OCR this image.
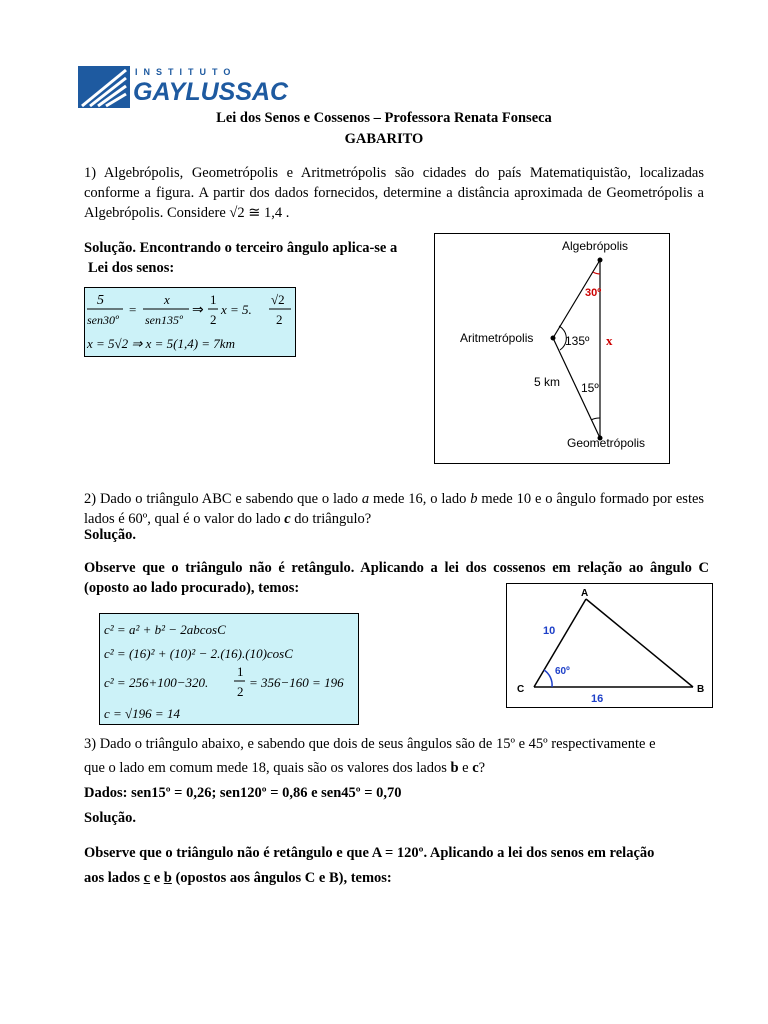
INSTITUTO
GAYLUSSAC
Lei dos Senos e Cossenos – Professora Renata Fonseca
GABARITO
1) Algebrópolis, Geometrópolis e Aritmetrópolis são cidades do país Matematiquistão, localizadas conforme a figura. A partir dos dados fornecidos, determine a distância aproximada de Geometrópolis a Algebrópolis. Considere √2 ≅ 1,4 .
Solução. Encontrando o terceiro ângulo aplica-se a
Lei dos senos:
5
sen30º
=
x
sen135º
⇒
1
2
x = 5.
√2
2
x = 5√2 ⇒ x = 5(1,4) = 7km
Algebrópolis
Aritmetrópolis
Geometrópolis
30º
135º
15º
5 km
x
2) Dado o triângulo ABC e sabendo que o lado a mede 16, o lado b mede 10 e o ângulo formado por estes lados é 60º, qual é o valor do lado c do triângulo?
Solução.
Observe que o triângulo não é retângulo. Aplicando a lei dos cossenos em relação ao ângulo C (oposto ao lado procurado), temos:
c² = a² + b² − 2abcosC
c² = (16)² + (10)² − 2.(16).(10)cosC
c² = 256+100−320.
1
2
= 356−160 = 196
c = √196 = 14
A
B
C
10
16
60º
3) Dado o triângulo abaixo, e sabendo que dois de seus ângulos são de 15º e 45º respectivamente e
que o lado em comum mede 18, quais são os valores dos lados b e c?
Dados: sen15º = 0,26; sen120º = 0,86 e sen45º = 0,70
Solução.
Observe que o triângulo não é retângulo e que A = 120º. Aplicando a lei dos senos em relação
aos lados c e b (opostos aos ângulos C e B), temos:
